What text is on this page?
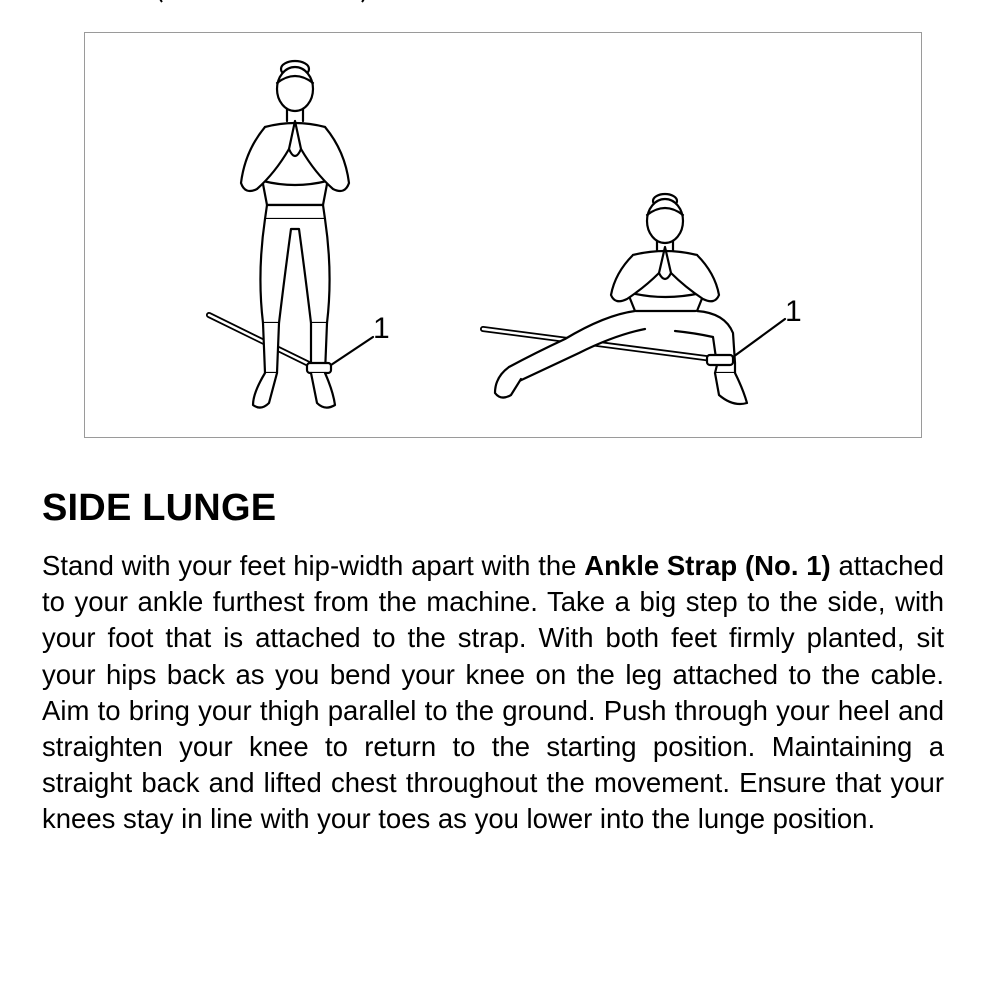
1
1
SIDE LUNGE

Stand with your feet hip-width apart with the Ankle Strap (No. 1) attached to your ankle furthest from the machine. Take a big step to the side, with your foot that is attached to the strap. With both feet firmly planted, sit your hips back as you bend your knee on the leg attached to the cable. Aim to bring your thigh parallel to the ground. Push through your heel and straighten your knee to return to the starting position. Maintaining a straight back and lifted chest throughout the movement. Ensure that your knees stay in line with your toes as you lower into the lunge position.
